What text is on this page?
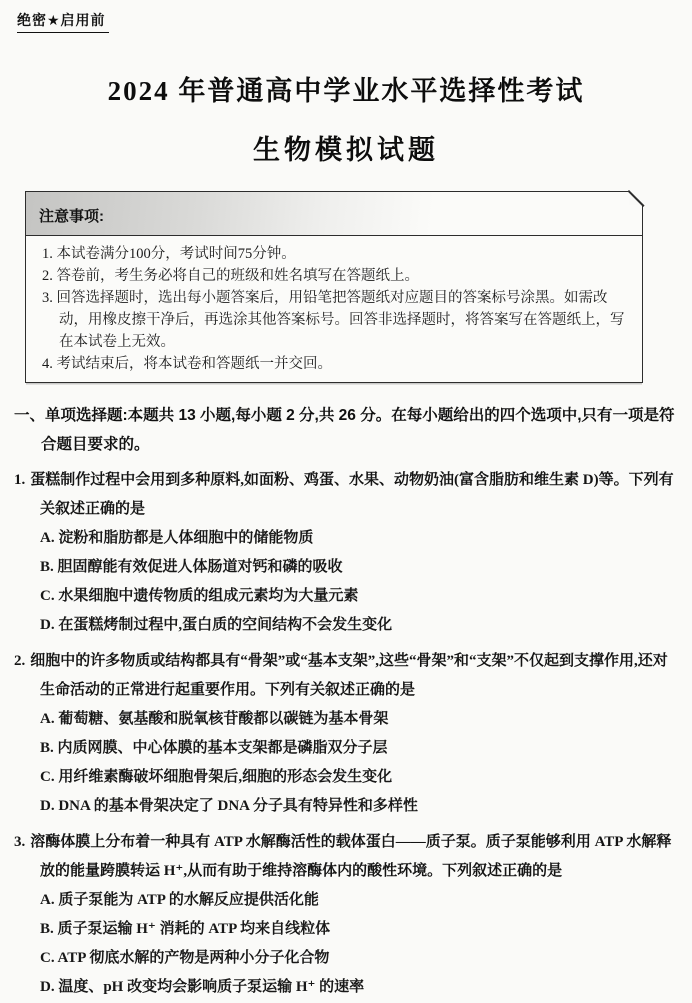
绝密★启用前
2024 年普通高中学业水平选择性考试
生物模拟试题
注意事项:

1. 本试卷满分100分，考试时间75分钟。

2. 答卷前，考生务必将自己的班级和姓名填写在答题纸上。

3. 回答选择题时，选出每小题答案后，用铅笔把答题纸对应题目的答案标号涂黑。如需改动，用橡皮擦干净后，再选涂其他答案标号。回答非选择题时，将答案写在答题纸上，写在本试卷上无效。

4. 考试结束后，将本试卷和答题纸一并交回。

一、单项选择题:本题共 13 小题,每小题 2 分,共 26 分。在每小题给出的四个选项中,只有一项是符合题目要求的。
1. 蛋糕制作过程中会用到多种原料,如面粉、鸡蛋、水果、动物奶油(富含脂肪和维生素 D)等。下列有关叙述正确的是
A. 淀粉和脂肪都是人体细胞中的储能物质
B. 胆固醇能有效促进人体肠道对钙和磷的吸收
C. 水果细胞中遗传物质的组成元素均为大量元素
D. 在蛋糕烤制过程中,蛋白质的空间结构不会发生变化
2. 细胞中的许多物质或结构都具有“骨架”或“基本支架”,这些“骨架”和“支架”不仅起到支撑作用,还对生命活动的正常进行起重要作用。下列有关叙述正确的是
A. 葡萄糖、氨基酸和脱氧核苷酸都以碳链为基本骨架
B. 内质网膜、中心体膜的基本支架都是磷脂双分子层
C. 用纤维素酶破坏细胞骨架后,细胞的形态会发生变化
D. DNA 的基本骨架决定了 DNA 分子具有特异性和多样性
3. 溶酶体膜上分布着一种具有 ATP 水解酶活性的载体蛋白——质子泵。质子泵能够利用 ATP 水解释放的能量跨膜转运 H⁺,从而有助于维持溶酶体内的酸性环境。下列叙述正确的是
A. 质子泵能为 ATP 的水解反应提供活化能
B. 质子泵运输 H⁺ 消耗的 ATP 均来自线粒体
C. ATP 彻底水解的产物是两种小分子化合物
D. 温度、pH 改变均会影响质子泵运输 H⁺ 的速率
